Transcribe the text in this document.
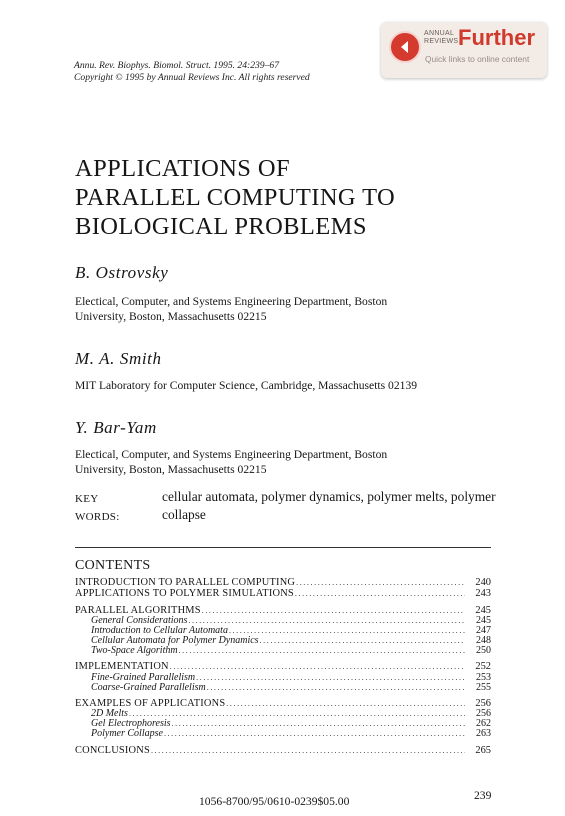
Annu. Rev. Biophys. Biomol. Struct. 1995. 24:239–67
Copyright © 1995 by Annual Reviews Inc. All rights reserved
ANNUAL
REVIEWS Further
Quick links to online content
APPLICATIONS OF
PARALLEL COMPUTING TO
BIOLOGICAL PROBLEMS
B. Ostrovsky
Electical, Computer, and Systems Engineering Department, Boston
University, Boston, Massachusetts 02215
M. A. Smith
MIT Laboratory for Computer Science, Cambridge, Massachusetts 02139
Y. Bar-Yam
Electical, Computer, and Systems Engineering Department, Boston
University, Boston, Massachusetts 02215
KEY WORDS:
cellular automata, polymer dynamics, polymer melts, polymer collapse
CONTENTS
INTRODUCTION TO PARALLEL COMPUTING .....	240
APPLICATIONS TO POLYMER SIMULATIONS .....	243
PARALLEL ALGORITHMS .....	245
General Considerations .....	245
Introduction to Cellular Automata .....	247
Cellular Automata for Polymer Dynamics .....	248
Two-Space Algorithm .....	250
IMPLEMENTATION .....	252
Fine-Grained Parallelism .....	253
Coarse-Grained Parallelism .....	255
EXAMPLES OF APPLICATIONS .....	256
2D Melts .....	256
Gel Electrophoresis .....	262
Polymer Collapse .....	263
CONCLUSIONS .....	265
1056-8700/95/0610-0239$05.00	239
